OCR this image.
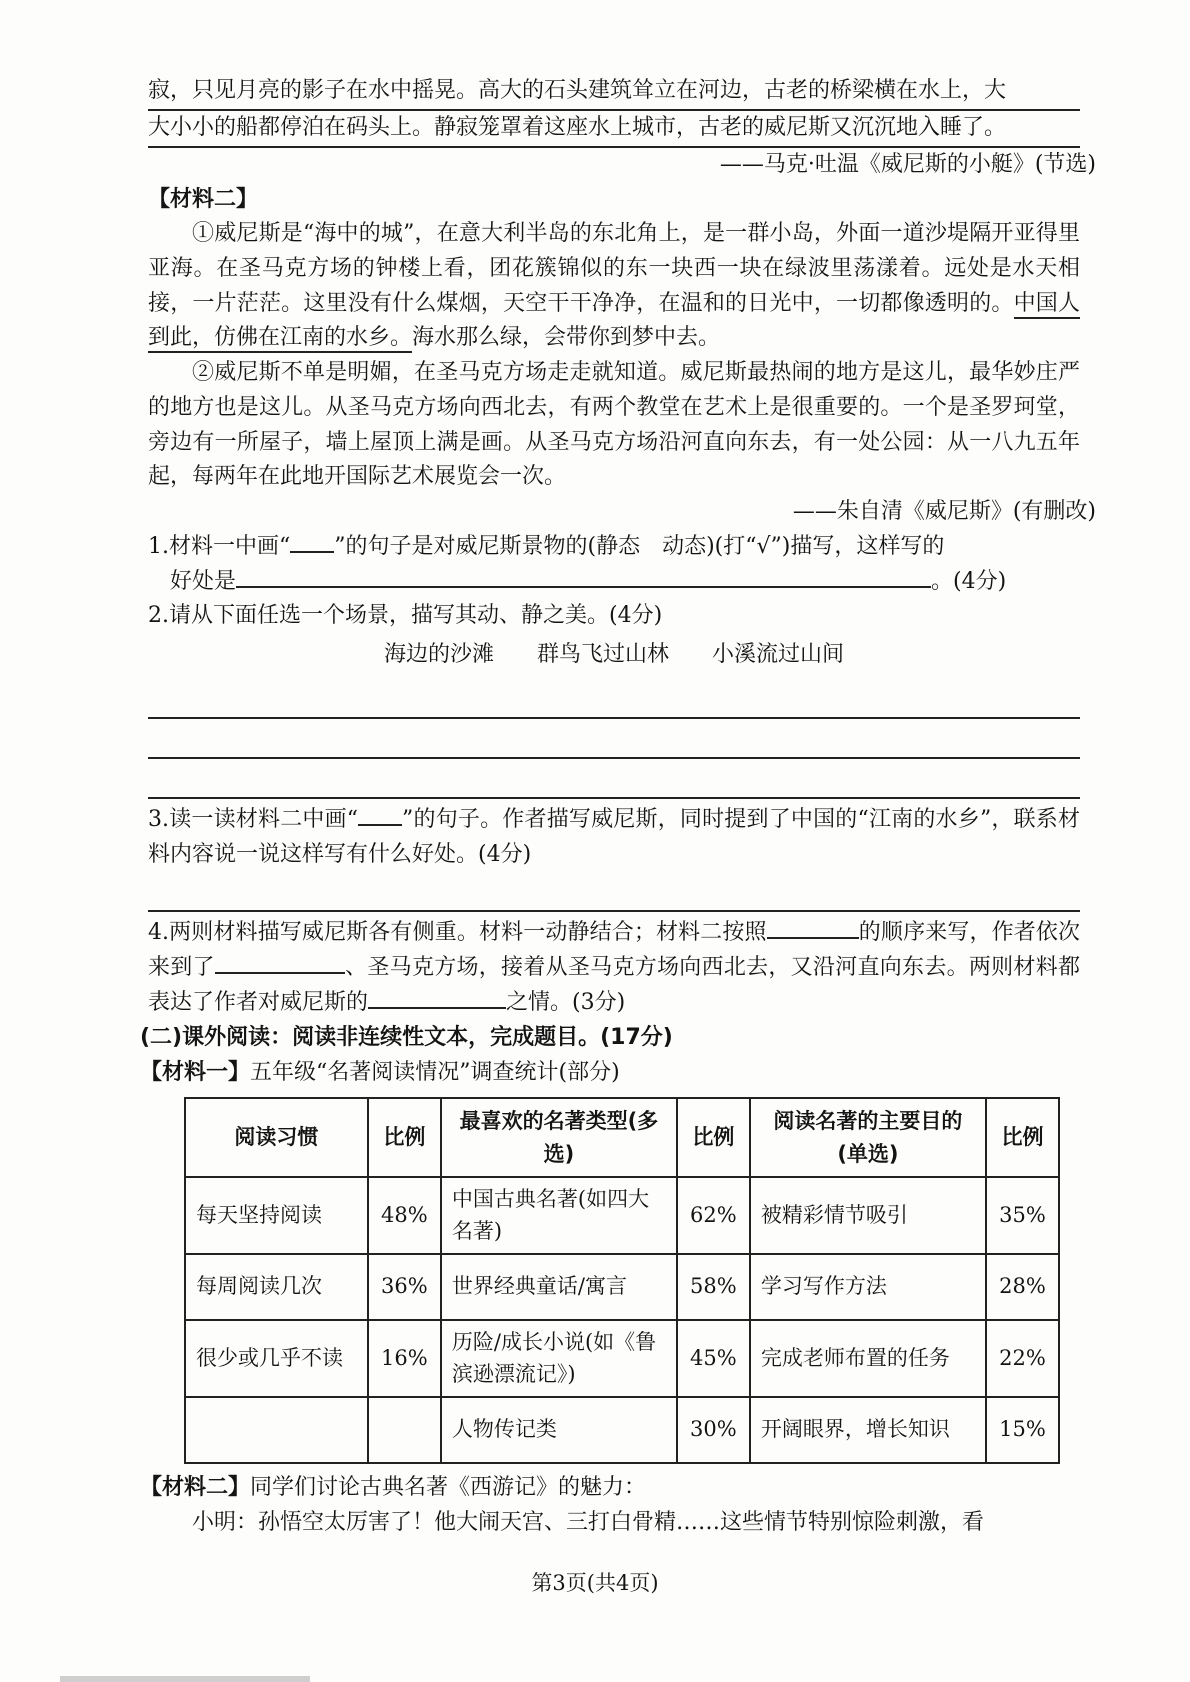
寂，只见月亮的影子在水中摇晃。高大的石头建筑耸立在河边，古老的桥梁横在水上，大
大小小的船都停泊在码头上。静寂笼罩着这座水上城市，古老的威尼斯又沉沉地入睡了。
——马克·吐温《威尼斯的小艇》(节选)
【材料二】
①威尼斯是“海中的城”，在意大利半岛的东北角上，是一群小岛，外面一道沙堤隔开亚得里亚海。在圣马克方场的钟楼上看，团花簇锦似的东一块西一块在绿波里荡漾着。远处是水天相接，一片茫茫。这里没有什么煤烟，天空干干净净，在温和的日光中，一切都像透明的。中国人到此，仿佛在江南的水乡。海水那么绿，会带你到梦中去。
②威尼斯不单是明媚，在圣马克方场走走就知道。威尼斯最热闹的地方是这儿，最华妙庄严的地方也是这儿。从圣马克方场向西北去，有两个教堂在艺术上是很重要的。一个是圣罗珂堂，旁边有一所屋子，墙上屋顶上满是画。从圣马克方场沿河直向东去，有一处公园：从一八九五年起，每两年在此地开国际艺术展览会一次。
——朱自清《威尼斯》(有删改)
1.材料一中画“ ”的句子是对威尼斯景物的(静态　动态)(打“√”)描写，这样写的
好处是	。(4分)
2.请从下面任选一个场景，描写其动、静之美。(4分)
海边的沙滩 群鸟飞过山林 小溪流过山间
3.读一读材料二中画“ ”的句子。作者描写威尼斯，同时提到了中国的“江南的水乡”，联系材料内容说一说这样写有什么好处。(4分)
4.两则材料描写威尼斯各有侧重。材料一动静结合；材料二按照	的顺序来写，作者依次来到了	、圣马克方场，接着从圣马克方场向西北去，又沿河直向东去。两则材料都表达了作者对威尼斯的	之情。(3分)
(二)课外阅读：阅读非连续性文本，完成题目。(17分)
【材料一】五年级“名著阅读情况”调查统计(部分)
阅读习惯	比例	最喜欢的名著类型(多选)	比例	阅读名著的主要目的(单选)	比例
每天坚持阅读	48%	中国古典名著(如四大名著)	62%	被精彩情节吸引	35%
每周阅读几次	36%	世界经典童话/寓言	58%	学习写作方法	28%
很少或几乎不读	16%	历险/成长小说(如《鲁滨逊漂流记》)	45%	完成老师布置的任务	22%
		人物传记类	30%	开阔眼界，增长知识	15%
【材料二】同学们讨论古典名著《西游记》的魅力：
小明：孙悟空太厉害了！他大闹天宫、三打白骨精……这些情节特别惊险刺激，看
第3页(共4页)
